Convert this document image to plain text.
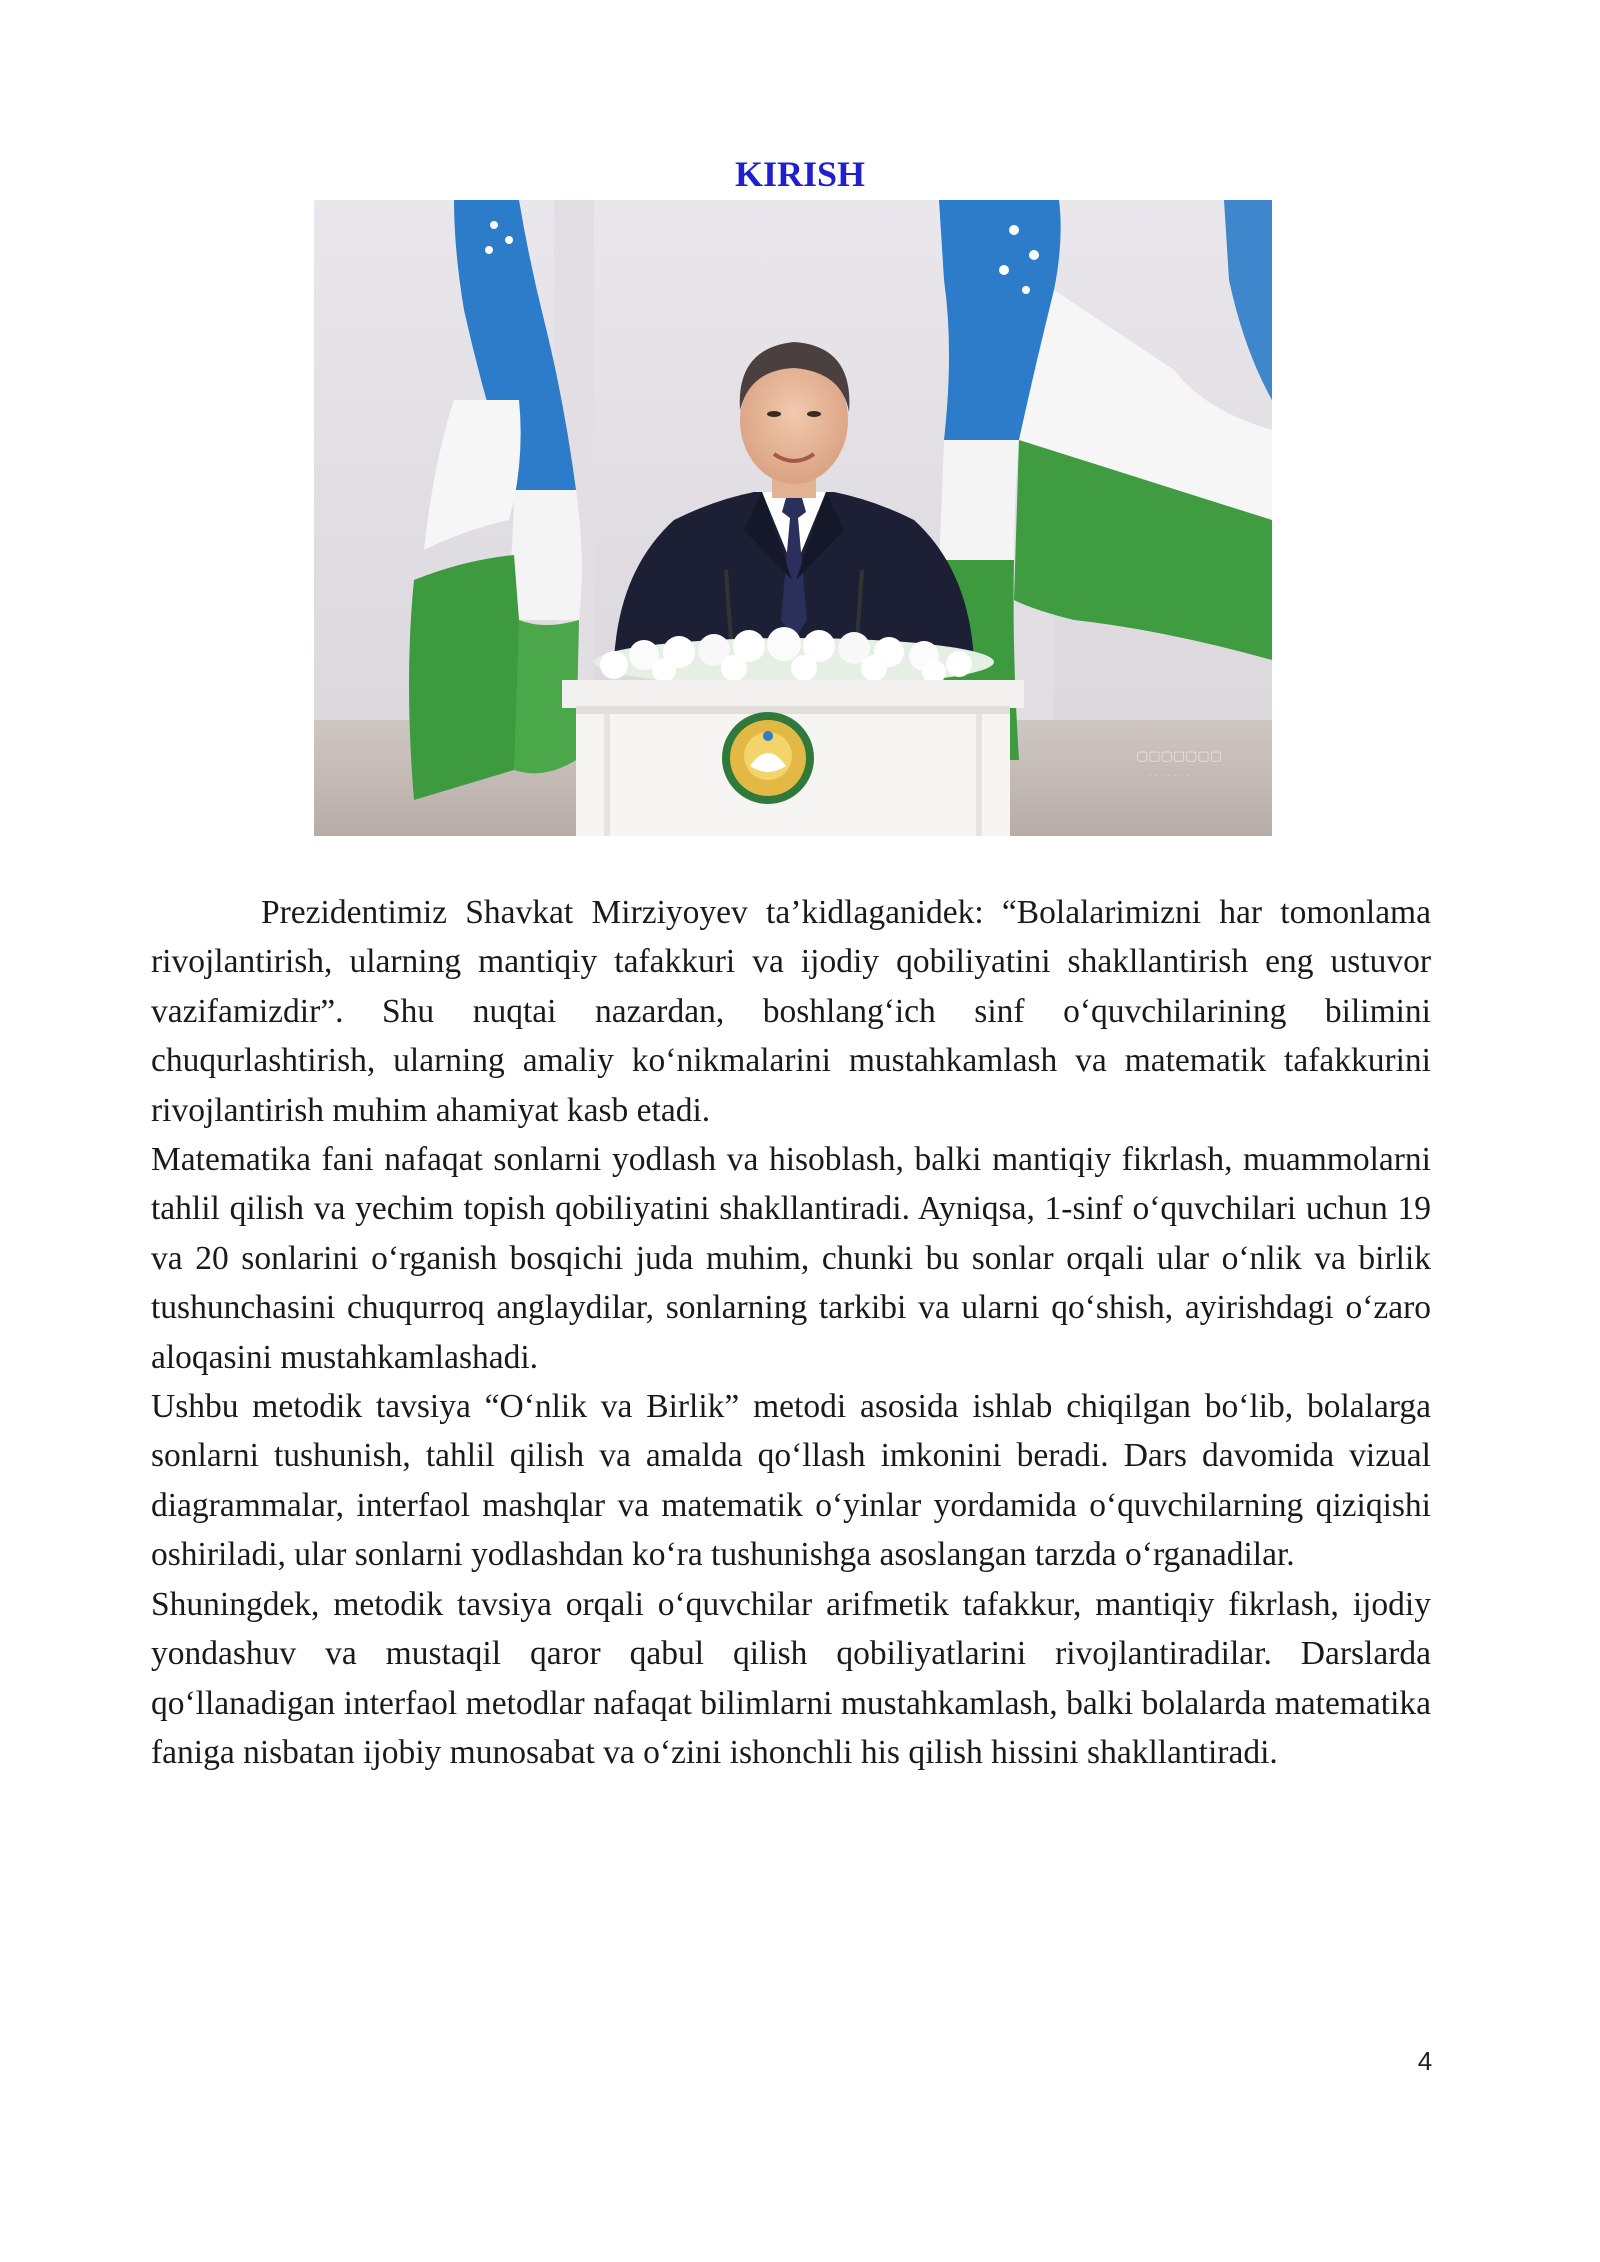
KIRISH
▢▢▢▢▢▢▢
· · · · · · ·

Prezidentimiz Shavkat Mirziyoyev ta’kidlaganidek: “Bolalarimizni har tomonlama rivojlantirish, ularning mantiqiy tafakkuri va ijodiy qobiliyatini shakllantirish eng ustuvor vazifamizdir”. Shu nuqtai nazardan, boshlang‘ich sinf o‘quvchilarining bilimini chuqurlashtirish, ularning amaliy ko‘nikmalarini mustahkamlash va matematik tafakkurini rivojlantirish muhim ahamiyat kasb etadi.

Matematika fani nafaqat sonlarni yodlash va hisoblash, balki mantiqiy fikrlash, muammolarni tahlil qilish va yechim topish qobiliyatini shakllantiradi. Ayniqsa, 1-sinf o‘quvchilari uchun 19 va 20 sonlarini o‘rganish bosqichi juda muhim, chunki bu sonlar orqali ular o‘nlik va birlik tushunchasini chuqurroq anglaydilar, sonlarning tarkibi va ularni qo‘shish, ayirishdagi o‘zaro aloqasini mustahkamlashadi.

Ushbu metodik tavsiya “O‘nlik va Birlik” metodi asosida ishlab chiqilgan bo‘lib, bolalarga sonlarni tushunish, tahlil qilish va amalda qo‘llash imkonini beradi. Dars davomida vizual diagrammalar, interfaol mashqlar va matematik o‘yinlar yordamida o‘quvchilarning qiziqishi oshiriladi, ular sonlarni yodlashdan ko‘ra tushunishga asoslangan tarzda o‘rganadilar.

Shuningdek, metodik tavsiya orqali o‘quvchilar arifmetik tafakkur, mantiqiy fikrlash, ijodiy yondashuv va mustaqil qaror qabul qilish qobiliyatlarini rivojlantiradilar. Darslarda qo‘llanadigan interfaol metodlar nafaqat bilimlarni mustahkamlash, balki bolalarda matematika faniga nisbatan ijobiy munosabat va o‘zini ishonchli his qilish hissini shakllantiradi.

4
